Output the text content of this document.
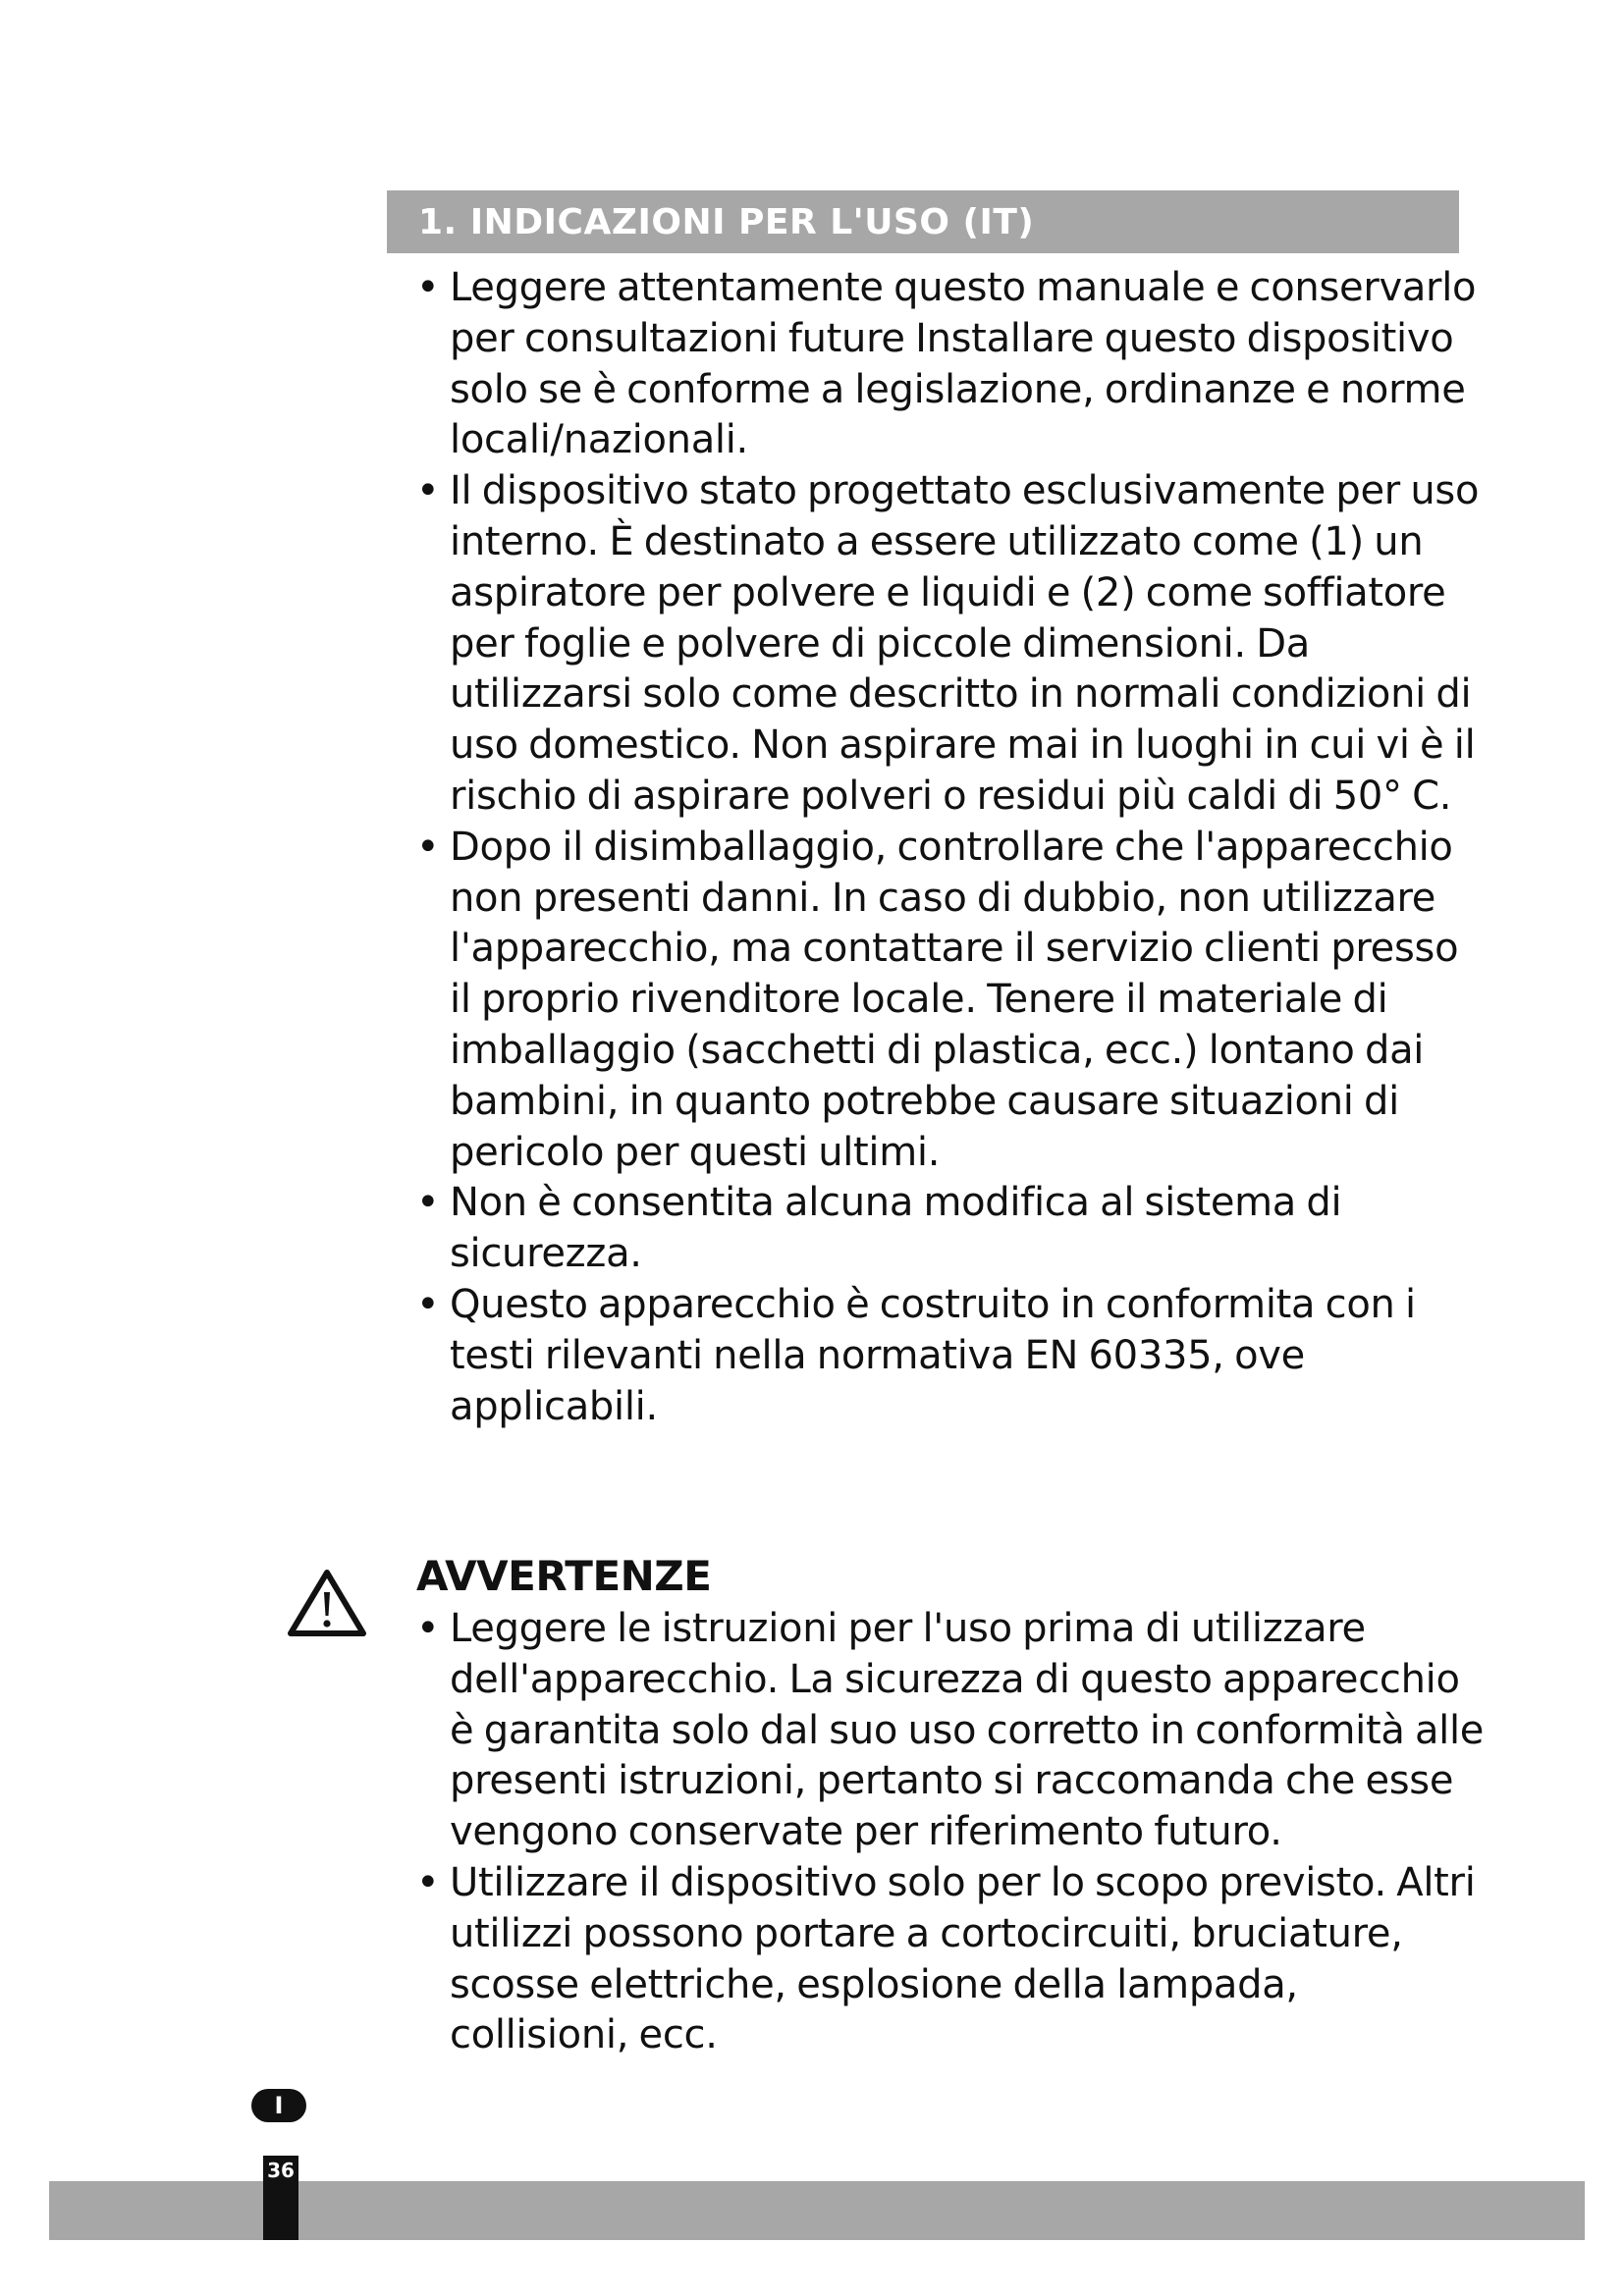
1. INDICAZIONI PER L'USO (IT)
• Leggere attentamente questo manuale e conservarlo per consultazioni future Installare questo dispositivo solo se è conforme a legislazione, ordinanze e norme locali/nazionali.
• Il dispositivo stato progettato esclusivamente per uso interno. È destinato a essere utilizzato come (1) un aspiratore per polvere e liquidi e (2) come soffiatore per foglie e polvere di piccole dimensioni. Da utilizzarsi solo come descritto in normali condizioni di uso domestico. Non aspirare mai in luoghi in cui vi è il rischio di aspirare polveri o residui più caldi di 50° C.
• Dopo il disimballaggio, controllare che l'apparecchio non presenti danni. In caso di dubbio, non utilizzare l'apparecchio, ma contattare il servizio clienti presso il proprio rivenditore locale. Tenere il materiale di imballaggio (sacchetti di plastica, ecc.) lontano dai bambini, in quanto potrebbe causare situazioni di pericolo per questi ultimi.
• Non è consentita alcuna modifica al sistema di sicurezza.
• Questo apparecchio è costruito in conformita con i testi rilevanti nella normativa EN 60335, ove applicabili.
AVVERTENZE
• Leggere le istruzioni per l'uso prima di utilizzare dell'apparecchio. La sicurezza di questo apparecchio è garantita solo dal suo uso corretto in conformità alle presenti istruzioni, pertanto si raccomanda che esse vengono conservate per riferimento futuro.
• Utilizzare il dispositivo solo per lo scopo previsto. Altri utilizzi possono portare a cortocircuiti, bruciature, scosse elettriche, esplosione della lampada, collisioni, ecc.
I
36
